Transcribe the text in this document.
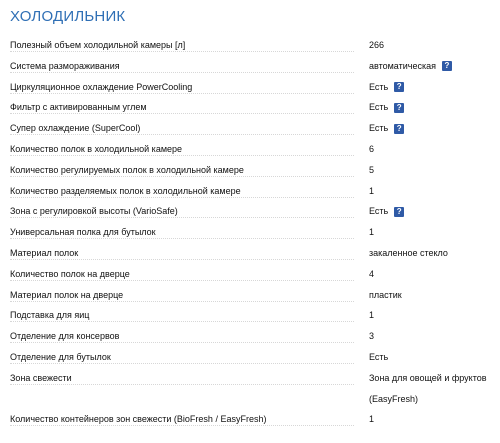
ХОЛОДИЛЬНИК
Полезный объем холодильной камеры [л]	266
Система размораживания	автоматическая ?
Циркуляционное охлаждение PowerCooling	Есть ?
Фильтр с активированным углем	Есть ?
Супер охлаждение (SuperCool)	Есть ?
Количество полок в холодильной камере	6
Количество регулируемых полок в холодильной камере	5
Количество разделяемых полок в холодильной камере	1
Зона с регулировкой высоты (VarioSafe)	Есть ?
Универсальная полка для бутылок	1
Материал полок	закаленное стекло
Количество полок на дверце	4
Материал полок на дверце	пластик
Подставка для яиц	1
Отделение для консервов	3
Отделение для бутылок	Есть
Зона свежести	Зона для овощей и фруктов (EasyFresh)
Количество контейнеров зон свежести (BioFresh / EasyFresh)	1
